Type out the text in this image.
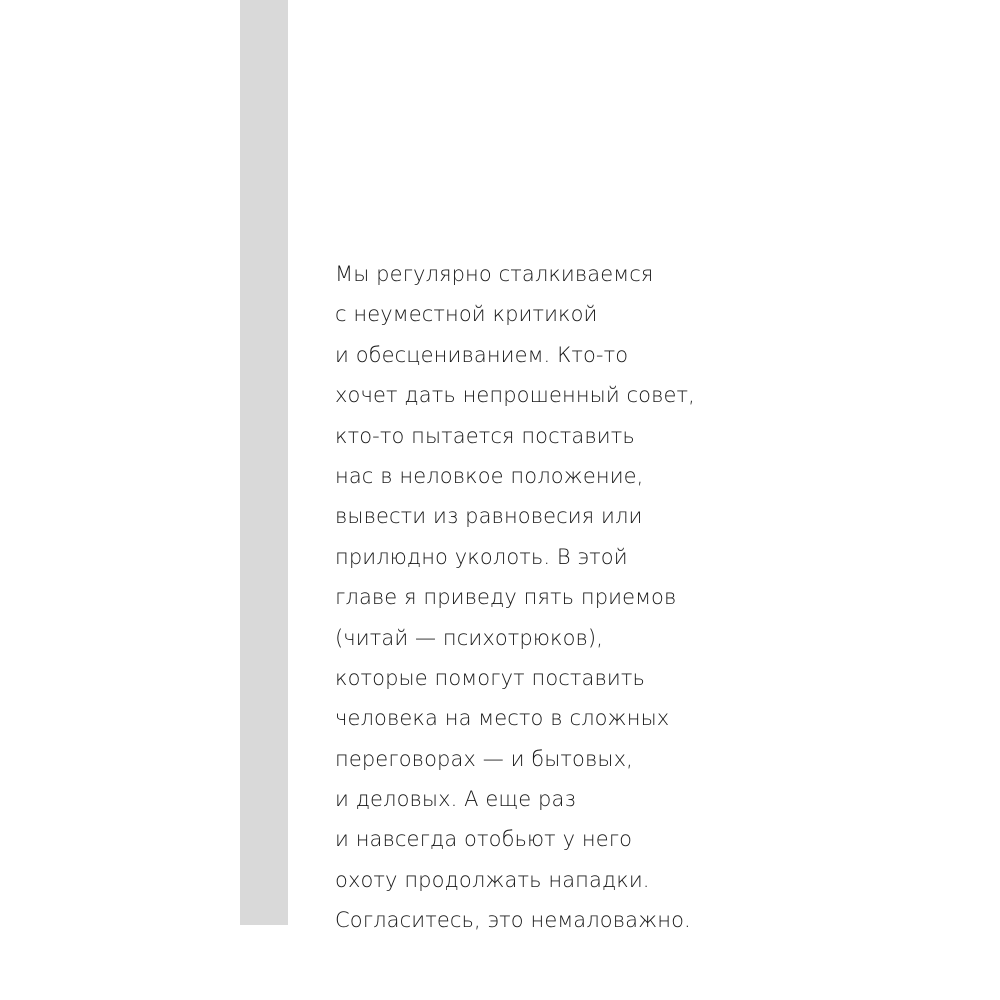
Мы регулярно сталкиваемся
с неуместной критикой
и обесцениванием. Кто-то
хочет дать непрошенный совет,
кто-то пытается поставить
нас в неловкое положение,
вывести из равновесия или
прилюдно уколоть. В этой
главе я приведу пять приемов
(читай — психотрюков),
которые помогут поставить
человека на место в сложных
переговорах — и бытовых,
и деловых. А еще раз
и навсегда отобьют у него
охоту продолжать нападки.
Согласитесь, это немаловажно.
